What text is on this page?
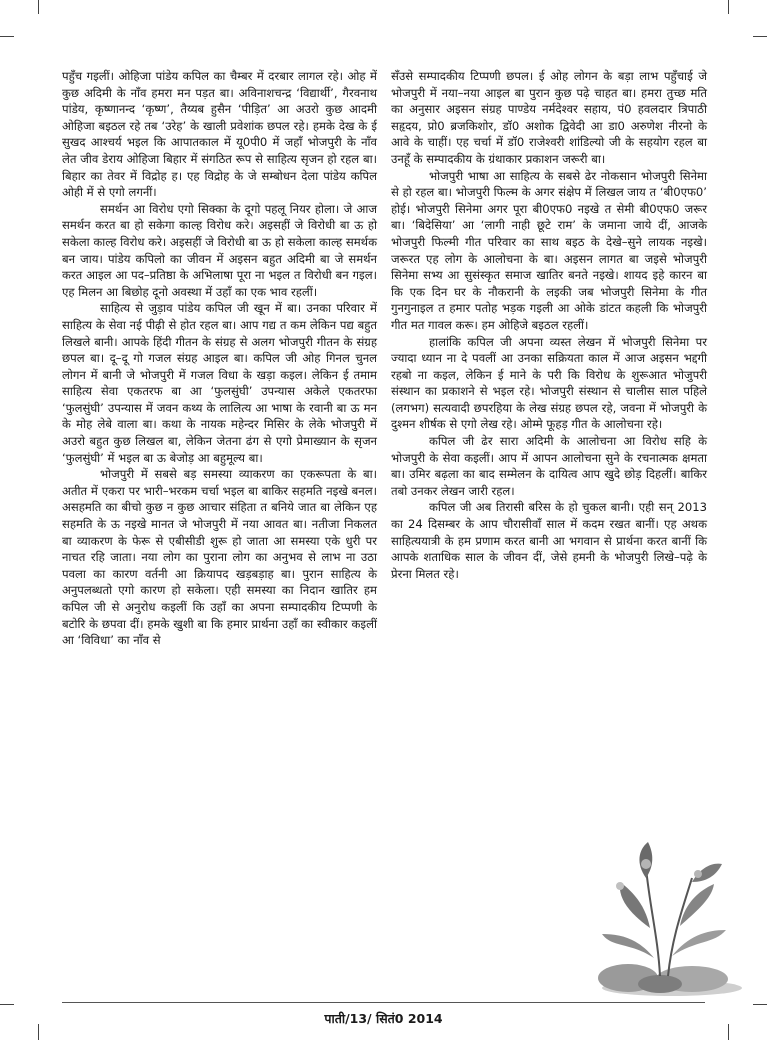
पहुँच गइलीं। ओहिजा पांडेय कपिल का चैम्बर में दरबार लागल रहे। ओह में कुछ अदिमी के नाँव हमरा मन पड़त बा। अविनाशचन्द्र ‘विद्यार्थी’, गैरवनाथ पांडेय, कृष्णानन्द ‘कृष्ण’, तैय्यब हुसैन ‘पीड़ित’ आ अउरो कुछ आदमी ओहिजा बइठल रहे तब ‘उरेह’ के खाली प्रवेशांक छपल रहे। हमके देख के ई सुखद आश्चर्य भइल कि आपातकाल में यू0पी0 में जहाँ भोजपुरी के नाँव लेत जीव डेराय ओहिजा बिहार में संगठित रूप से साहित्य सृजन हो रहल बा। बिहार का तेवर में विद्रोह ह। एह विद्रोह के जे सम्बोधन देला पांडेय कपिल ओही में से एगो लगनीं।

समर्थन आ विरोध एगो सिक्का के दूगो पहलू नियर होला। जे आज समर्थन करत बा हो सकेगा काल्ह विरोध करे। अइसहीं जे विरोधी बा ऊ हो सकेला काल्ह विरोध करे। अइसहीं जे विरोधी बा ऊ हो सकेला काल्ह समर्थक बन जाय। पांडेय कपिलो का जीवन में अइसन बहुत अदिमी बा जे समर्थन करत आइल आ पद–प्रतिष्ठा के अभिलाषा पूरा ना भइल त विरोधी बन गइल। एह मिलन आ बिछोह दूनो अवस्था में उहाँ का एक भाव रहलीं।

साहित्य से जुड़ाव पांडेय कपिल जी खून में बा। उनका परिवार में साहित्य के सेवा नई पीढ़ी से होत रहल बा। आप गद्य त कम लेकिन पद्य बहुत लिखले बानी। आपके हिंदी गीतन के संग्रह से अलग भोजपुरी गीतन के संग्रह छपल बा। दू–दू गो गजल संग्रह आइल बा। कपिल जी ओह गिनल चुनल लोगन में बानी जे भोजपुरी में गजल विधा के खड़ा कइल। लेकिन ई तमाम साहित्य सेवा एकतरफ बा आ ‘फुलसुंघी’ उपन्यास अकेले एकतरफा ‘फुलसुंघी’ उपन्यास में जवन कथ्य के लालित्य आ भाषा के रवानी बा ऊ मन के मोह लेबे वाला बा। कथा के नायक महेन्दर मिसिर के लेके भोजपुरी में अउरो बहुत कुछ लिखल बा, लेकिन जेतना ढंग से एगो प्रेमाख्यान के सृजन ‘फुलसुंघी’ में भइल बा ऊ बेजोड़ आ बहुमूल्य बा।

भोजपुरी में सबसे बड़ समस्या व्याकरण का एकरूपता के बा। अतीत में एकरा पर भारी–भरकम चर्चा भइल बा बाकिर सहमति नइखे बनल। असहमति का बीचो कुछ न कुछ आचार संहिता त बनिये जात बा लेकिन एह सहमति के ऊ नइखे मानत जे भोजपुरी में नया आवत बा। नतीजा निकलत बा व्याकरण के फेरू से एबीसीडी शुरू हो जाता आ समस्या एके धुरी पर नाचत रहि जाता। नया लोग का पुराना लोग का अनुभव से लाभ ना उठा पवला का कारण वर्तनी आ क्रियापद खड़बड़ाह बा। पुरान साहित्य के अनुपलब्धतो एगो कारण हो सकेला। एही समस्या का निदान खातिर हम कपिल जी से अनुरोध कइलीं कि उहाँ का अपना सम्पादकीय टिप्पणी के बटोरि के छपवा दीं। हमके खुशी बा कि हमार प्रार्थना उहाँ का स्वीकार कइलीं आ ‘विविधा’ का नाँव से

सँउसे सम्पादकीय टिप्पणी छपल। ई ओह लोगन के बड़ा लाभ पहुँचाई जे भोजपुरी में नया–नया आइल बा पुरान कुछ पढ़े चाहत बा। हमरा तुच्छ मति का अनुसार अइसन संग्रह पाण्डेय नर्मदेश्वर सहाय, पं0 हवलदार त्रिपाठी सहृदय, प्रो0 ब्रजकिशोर, डॉ0 अशोक द्विवेदी आ डा0 अरुणेश नीरनो के आवे के चाहीं। एह चर्चा में डॉ0 राजेश्वरी शांडिल्यो जी के सहयोग रहल बा उनहूँ के सम्पादकीय के ग्रंथाकार प्रकाशन जरूरी बा।

भोजपुरी भाषा आ साहित्य के सबसे ढेर नोकसान भोजपुरी सिनेमा से हो रहल बा। भोजपुरी फिल्म के अगर संक्षेप में लिखल जाय त ‘बी0एफ0’ होई। भोजपुरी सिनेमा अगर पूरा बी0एफ0 नइखे त सेमी बी0एफ0 जरूर बा। ‘बिदेसिया’ आ ‘लागी नाही छूटे राम’ के जमाना जाये दीं, आजके भोजपुरी फिल्मी गीत परिवार का साथ बइठ के देखे–सुने लायक नइखे। जरूरत एह लोग के आलोचना के बा। अइसन लागत बा जइसे भोजपुरी सिनेमा सभ्य आ सुसंस्कृत समाज खातिर बनते नइखे। शायद इहे कारन बा कि एक दिन घर के नौकरानी के लइकी जब भोजपुरी सिनेमा के गीत गुनगुनाइल त हमार पतोह भड़क गइली आ ओके डांटत कहली कि भोजपुरी गीत मत गावल करू। हम ओहिजे बइठल रहलीं।

हालांकि कपिल जी अपना व्यस्त लेखन में भोजपुरी सिनेमा पर ज्यादा ध्यान ना दे पवलीं आ उनका सक्रियता काल में आज अइसन भद्दगी रहबो ना कइल, लेकिन ई माने के परी कि विरोध के शुरूआत भोजुपरी संस्थान का प्रकाशने से भइल रहे। भोजपुरी संस्थान से चालीस साल पहिले (लगभग) सत्यवादी छपरहिया के लेख संग्रह छपल रहे, जवना में भोजपुरी के दुश्मन शीर्षक से एगो लेख रहे। ओम्मे फूहड़ गीत के आलोचना रहे।

कपिल जी ढेर सारा अदिमी के आलोचना आ विरोध सहि के भोजपुरी के सेवा कइलीं। आप में आपन आलोचना सुने के रचनात्मक क्षमता बा। उमिर बढ़ला का बाद सम्मेलन के दायित्व आप खुदे छोड़ दिहलीं। बाकिर तबो उनकर लेखन जारी रहल।

कपिल जी अब तिरासी बरिस के हो चुकल बानी। एही सन् 2013 का 24 दिसम्बर के आप चौरासीवाँ साल में कदम रखत बानीं। एह अथक साहित्ययात्री के हम प्रणाम करत बानी आ भगवान से प्रार्थना करत बानीं कि आपके शताधिक साल के जीवन दीं, जेसे हमनी के भोजपुरी लिखे–पढ़े के प्रेरना मिलत रहे।

पाती/13/ सितं0 2014
